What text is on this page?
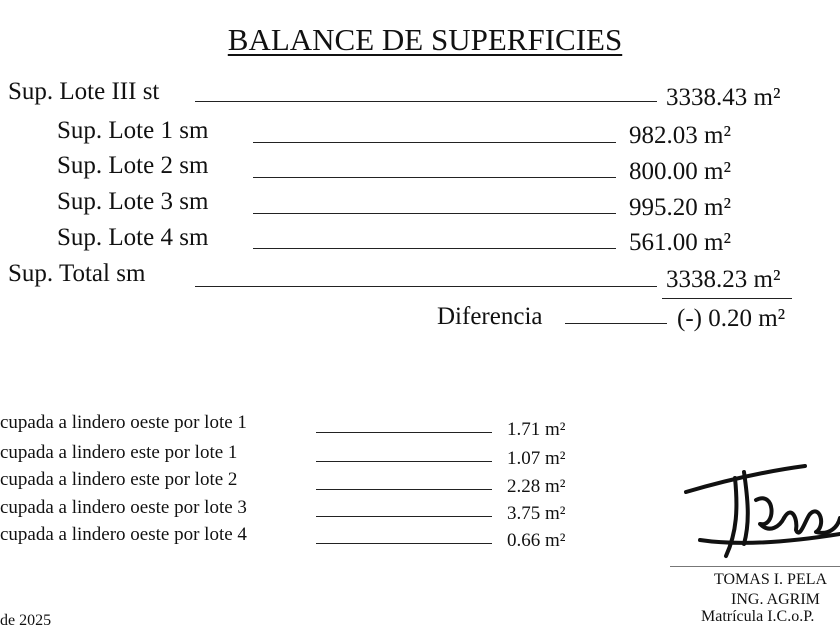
BALANCE DE SUPERFICIES
Sup. Lote III st	3338.43 m²
Sup. Lote 1 sm	982.03 m²
Sup. Lote 2 sm	800.00 m²
Sup. Lote 3 sm	995.20 m²
Sup. Lote 4 sm	561.00 m²
Sup. Total sm	3338.23 m²
Diferencia	(-) 0.20 m²
cupada a lindero oeste por lote 1	1.71 m²
cupada a lindero este por lote 1	1.07 m²
cupada a lindero este por lote 2	2.28 m²
cupada a lindero oeste por lote 3	3.75 m²
cupada a lindero oeste por lote 4	0.66 m²
de 2025
TOMAS I. PELA
ING. AGRIM
Matrícula I.C.o.P.
